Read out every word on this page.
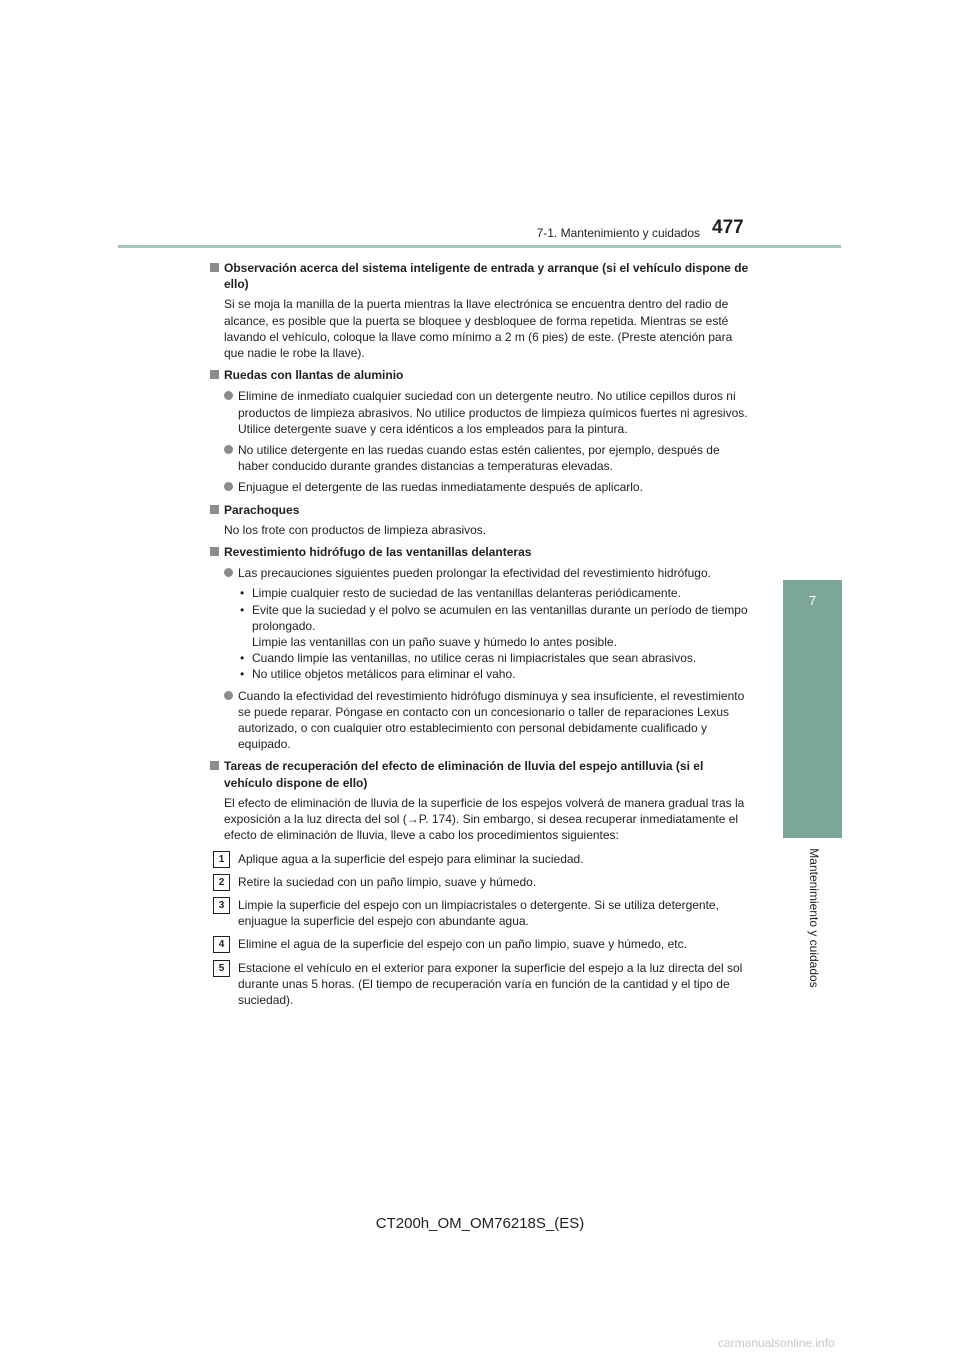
7-1. Mantenimiento y cuidados 477
7
Mantenimiento y cuidados
Observación acerca del sistema inteligente de entrada y arranque (si el vehículo dispone de ello)
Si se moja la manilla de la puerta mientras la llave electrónica se encuentra dentro del radio de alcance, es posible que la puerta se bloquee y desbloquee de forma repetida. Mientras se esté lavando el vehículo, coloque la llave como mínimo a 2 m (6 pies) de este. (Preste atención para que nadie le robe la llave).
Ruedas con llantas de aluminio
Elimine de inmediato cualquier suciedad con un detergente neutro. No utilice cepillos duros ni productos de limpieza abrasivos. No utilice productos de limpieza químicos fuertes ni agresivos.
Utilice detergente suave y cera idénticos a los empleados para la pintura.
No utilice detergente en las ruedas cuando estas estén calientes, por ejemplo, después de haber conducido durante grandes distancias a temperaturas elevadas.
Enjuague el detergente de las ruedas inmediatamente después de aplicarlo.
Parachoques
No los frote con productos de limpieza abrasivos.
Revestimiento hidrófugo de las ventanillas delanteras
Las precauciones siguientes pueden prolongar la efectividad del revestimiento hidrófugo.
• Limpie cualquier resto de suciedad de las ventanillas delanteras periódicamente.
• Evite que la suciedad y el polvo se acumulen en las ventanillas durante un período de tiempo prolongado.
Limpie las ventanillas con un paño suave y húmedo lo antes posible.
• Cuando limpie las ventanillas, no utilice ceras ni limpiacristales que sean abrasivos.
• No utilice objetos metálicos para eliminar el vaho.
Cuando la efectividad del revestimiento hidrófugo disminuya y sea insuficiente, el revestimiento se puede reparar. Póngase en contacto con un concesionario o taller de reparaciones Lexus autorizado, o con cualquier otro establecimiento con personal debidamente cualificado y equipado.
Tareas de recuperación del efecto de eliminación de lluvia del espejo antilluvia (si el vehículo dispone de ello)
El efecto de eliminación de lluvia de la superficie de los espejos volverá de manera gradual tras la exposición a la luz directa del sol (→P. 174). Sin embargo, si desea recuperar inmediatamente el efecto de eliminación de lluvia, lleve a cabo los procedimientos siguientes:
1	Aplique agua a la superficie del espejo para eliminar la suciedad.
2	Retire la suciedad con un paño limpio, suave y húmedo.
3	Limpie la superficie del espejo con un limpiacristales o detergente. Si se utiliza detergente, enjuague la superficie del espejo con abundante agua.
4	Elimine el agua de la superficie del espejo con un paño limpio, suave y húmedo, etc.
5	Estacione el vehículo en el exterior para exponer la superficie del espejo a la luz directa del sol durante unas 5 horas. (El tiempo de recuperación varía en función de la cantidad y el tipo de suciedad).
CT200h_OM_OM76218S_(ES)
carmanualsonline.info
